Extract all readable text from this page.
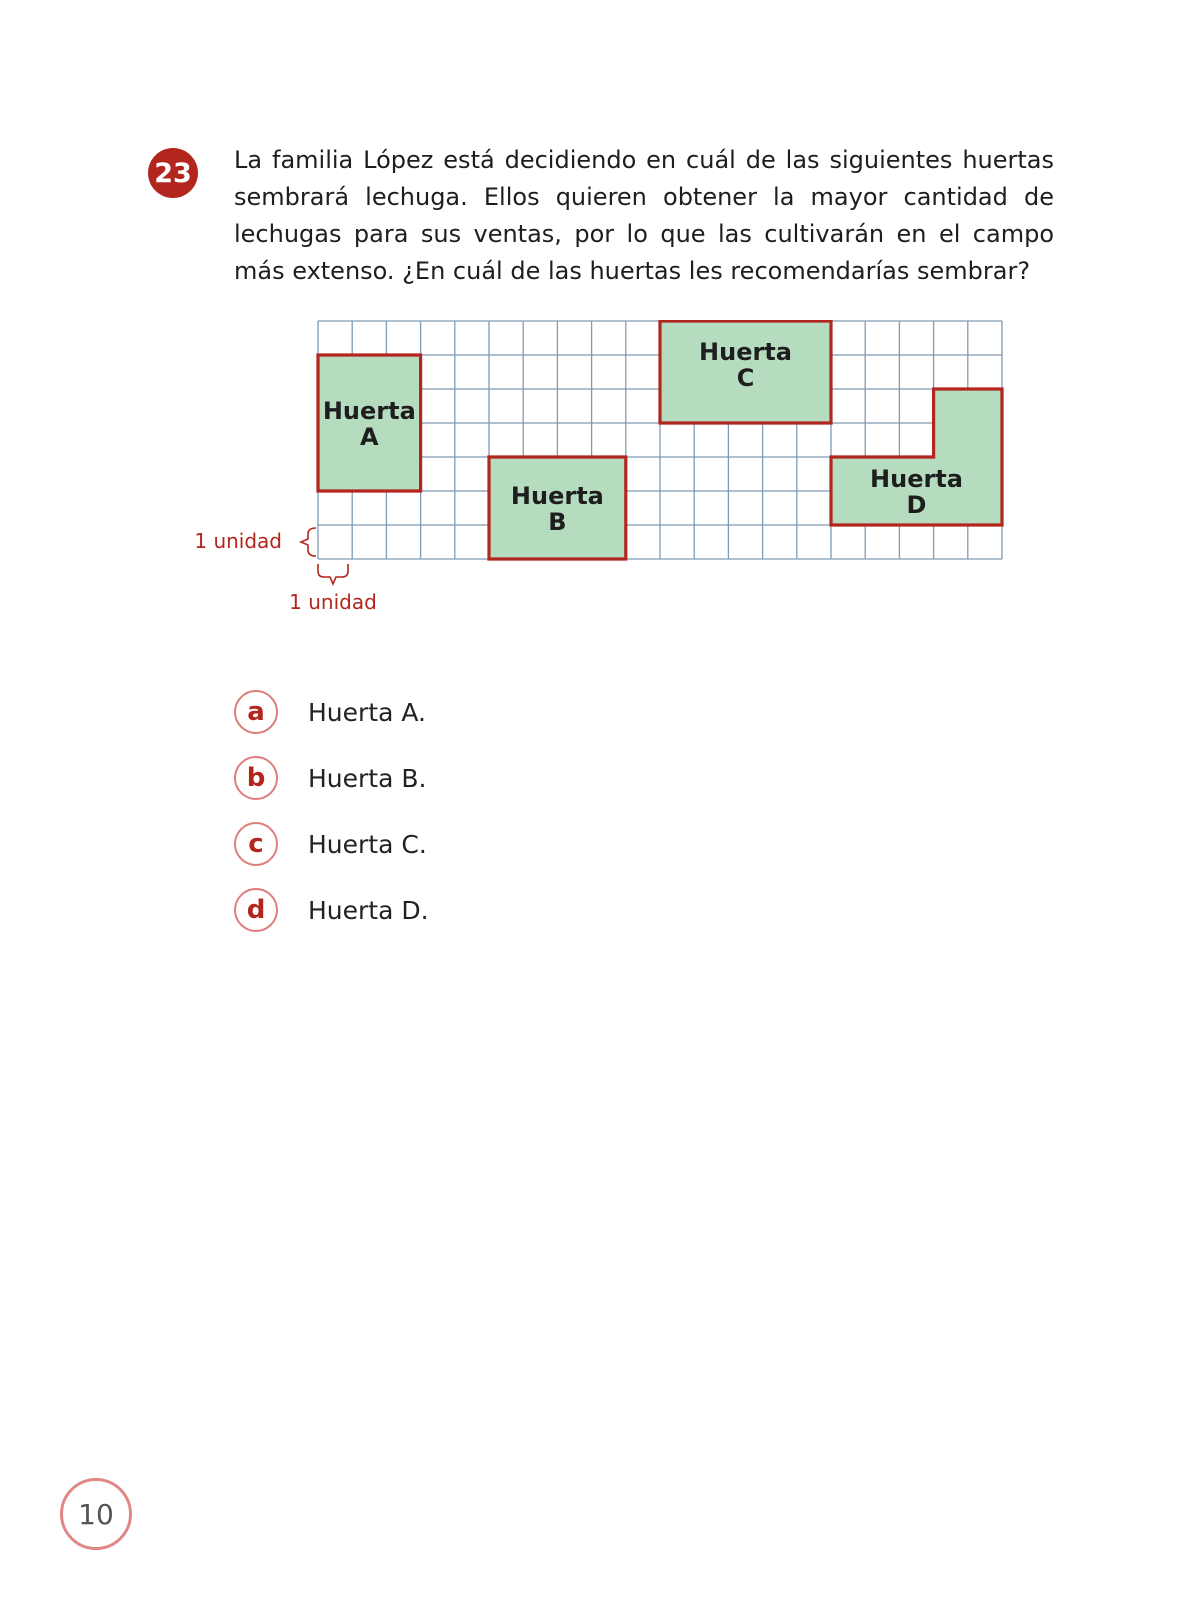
23 La familia López está decidiendo en cuál de las siguientes huertas sembrará lechuga. Ellos quieren obtener la mayor cantidad de lechugas para sus ventas, por lo que las cultivarán en el campo más extenso. ¿En cuál de las huertas les recomendarías sembrar?

Huerta
A
Huerta
B
Huerta
C
Huerta
D
1 unidad
1 unidad
a	Huerta A.
b	Huerta B.
c	Huerta C.
d	Huerta D.
10
